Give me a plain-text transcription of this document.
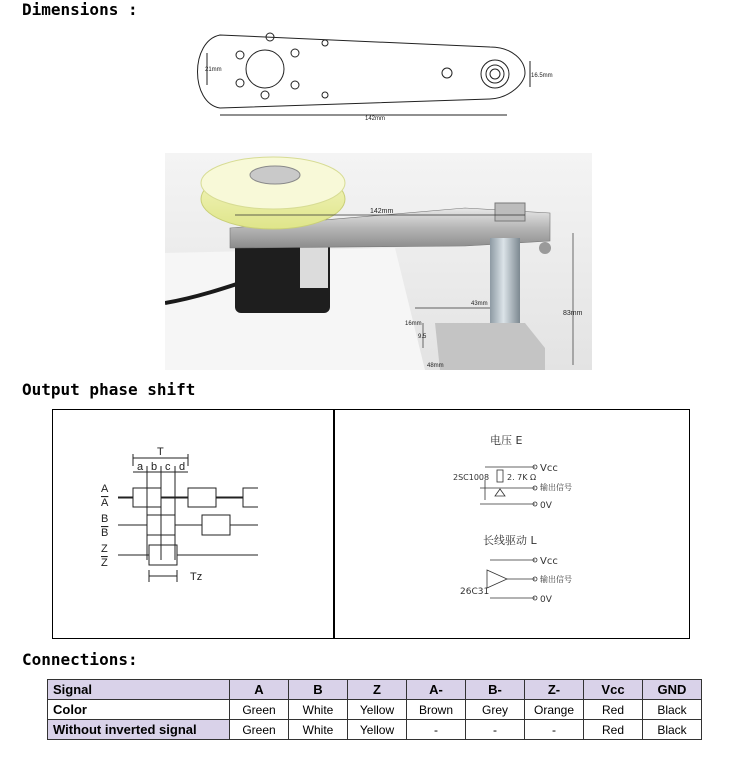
Dimensions :
21mm
16.5mm
142mm
142mm
83mm
43mm
16mm
9.5
48mm
Output phase shift
T
a b c d
A
A
B
B
Z
Z
Tz
电压 E
Vcc
2SC1008 2. 7K Ω
输出信号
0V
长线驱动 L
Vcc
输出信号
26C31
0V
Connections:
Signal	A	B	Z	A-	B-	Z-	Vcc	GND
Color	Green	White	Yellow	Brown	Grey	Orange	Red	Black
Without inverted signal	Green	White	Yellow	-	-	-	Red	Black
